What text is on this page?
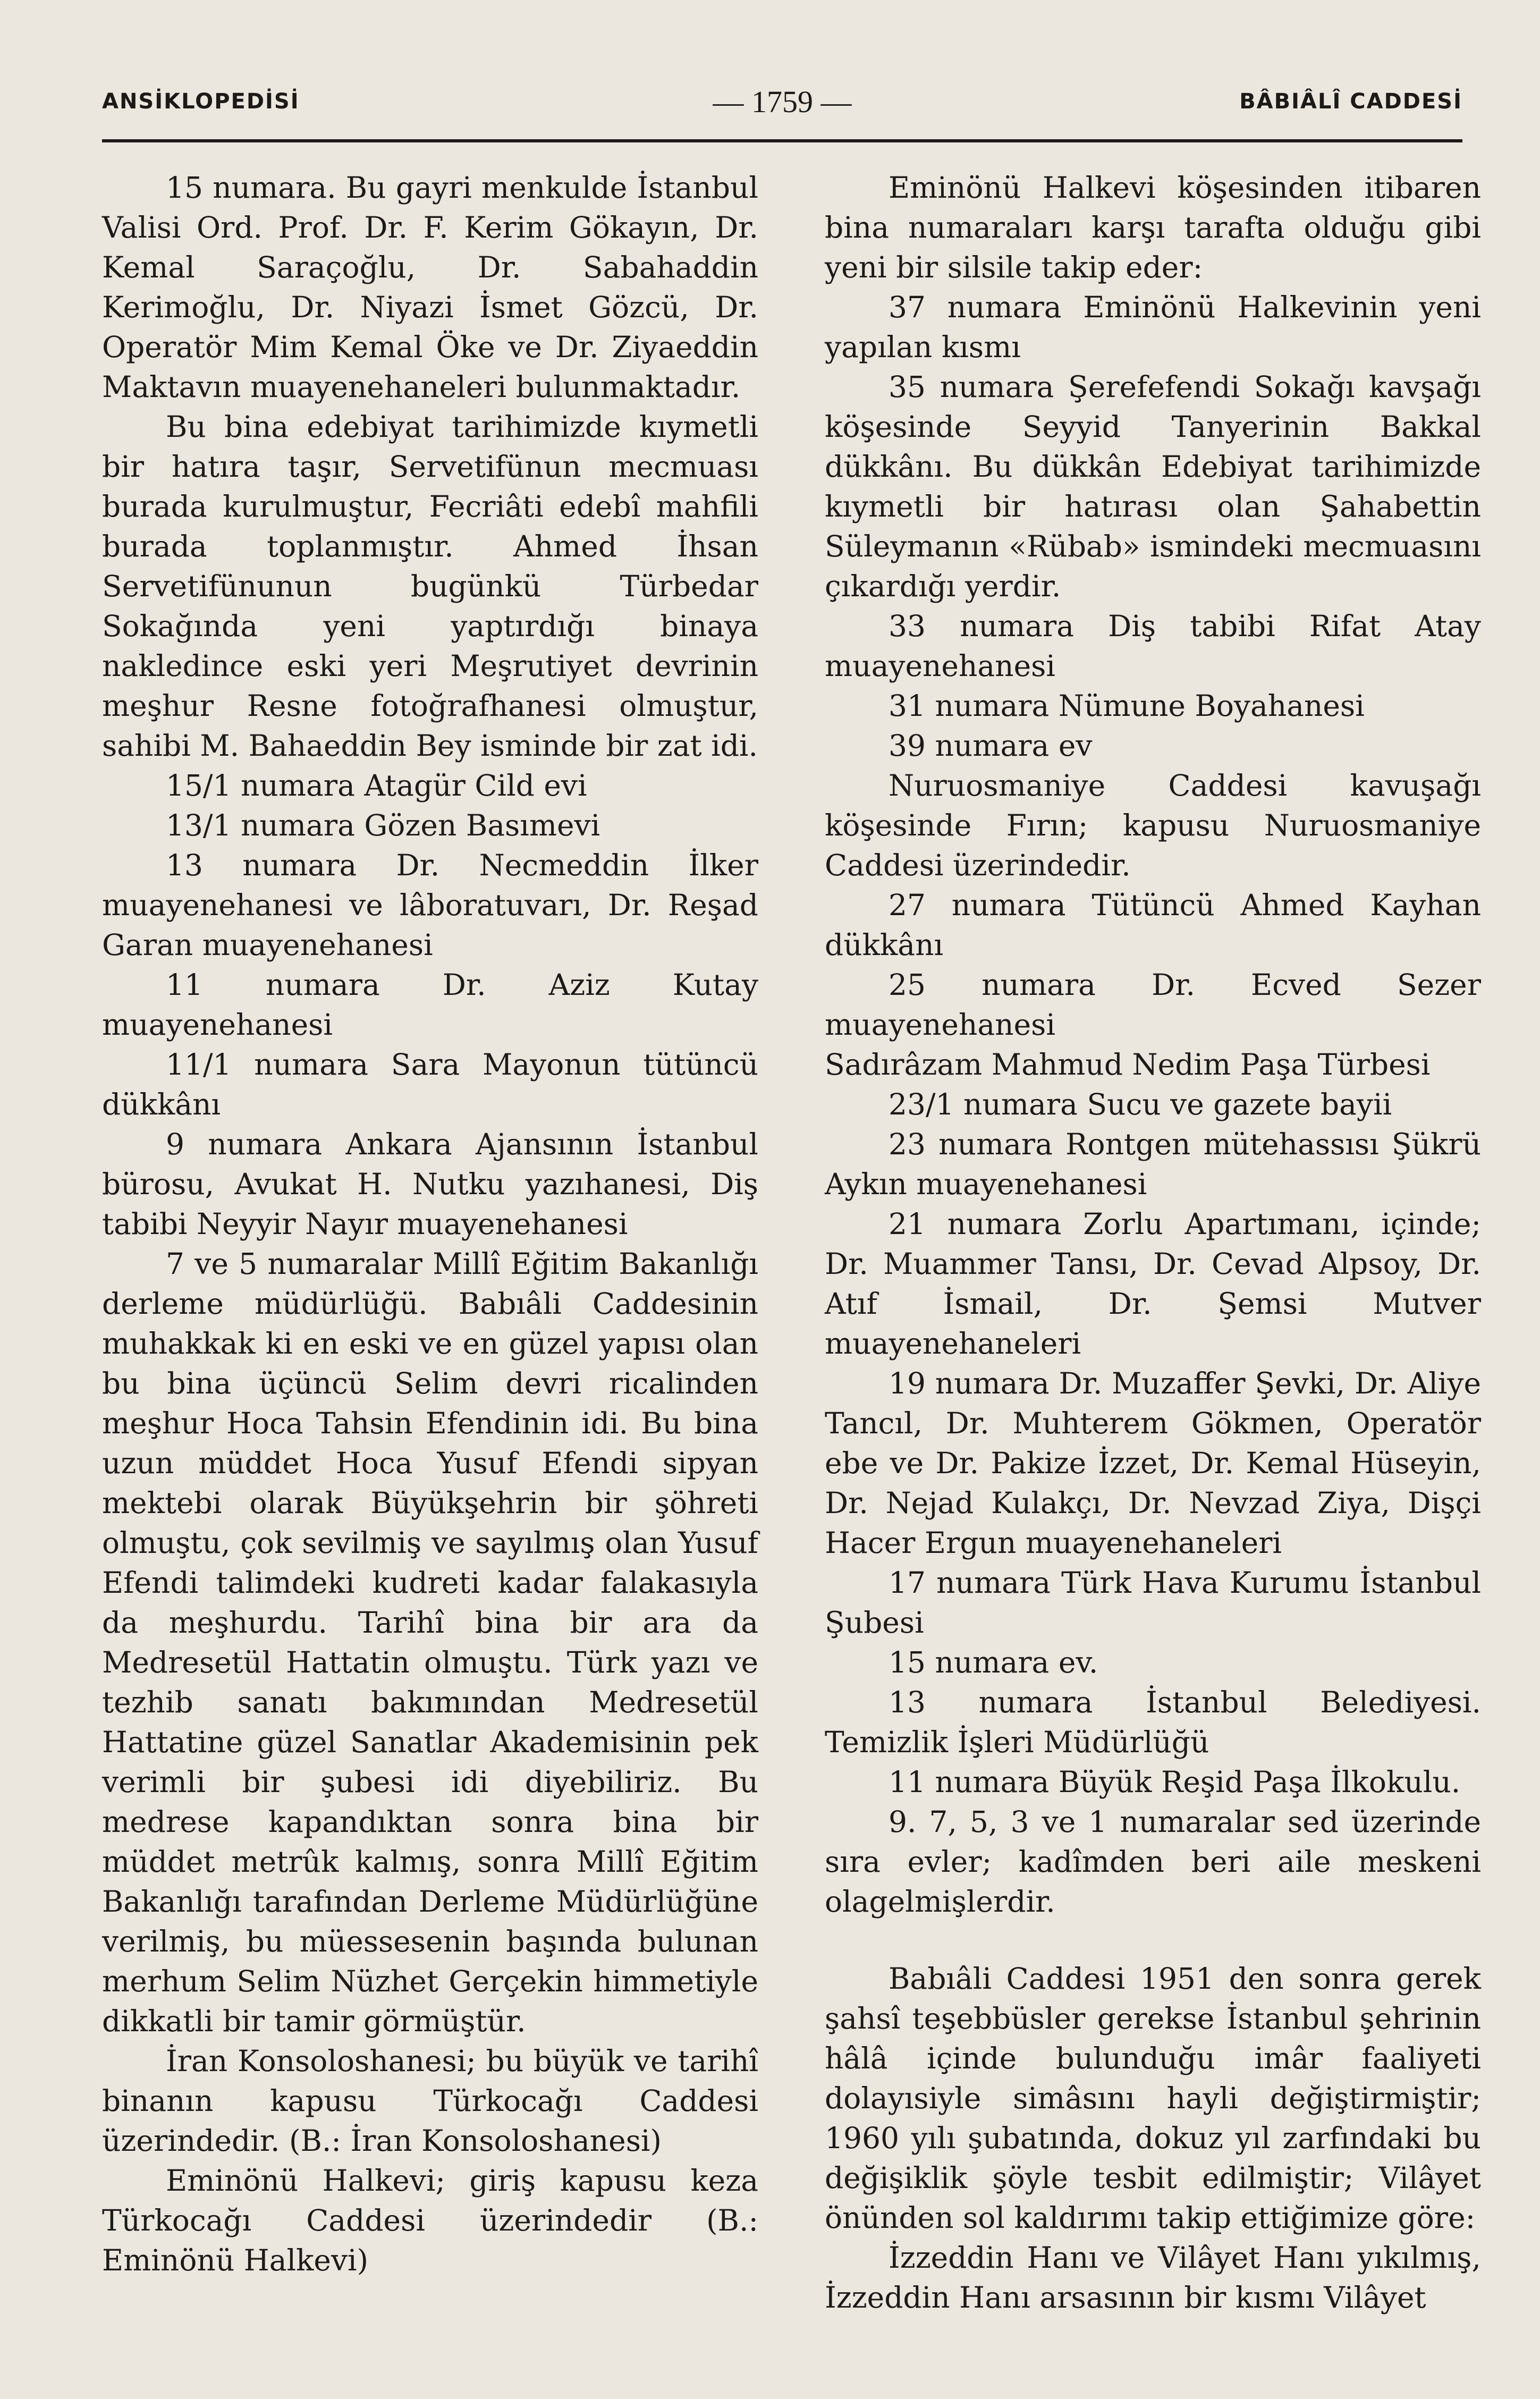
ANSİKLOPEDİSİ	— 1759 —	BÂBIÂLÎ CADDESİ

15 numara. Bu gayri menkulde İstanbul Valisi Ord. Prof. Dr. F. Kerim Gökayın, Dr. Kemal Saraçoğlu, Dr. Sabahaddin Kerimoğlu, Dr. Niyazi İsmet Gözcü, Dr. Operatör Mim Kemal Öke ve Dr. Ziyaeddin Maktavın muayenehaneleri bulunmaktadır.

Bu bina edebiyat tarihimizde kıymetli bir hatıra taşır, Servetifünun mecmuası burada kurulmuştur, Fecriâti edebî mahfili burada toplanmıştır. Ahmed İhsan Servetifünunun bugünkü Türbedar Sokağında yeni yaptırdığı binaya nakledince eski yeri Meşrutiyet devrinin meşhur Resne fotoğrafhanesi olmuştur, sahibi M. Bahaeddin Bey isminde bir zat idi.

15/1 numara Atagür Cild evi

13/1 numara Gözen Basımevi

13 numara Dr. Necmeddin İlker muayenehanesi ve lâboratuvarı, Dr. Reşad Garan muayenehanesi

11 numara Dr. Aziz Kutay muayenehanesi

11/1 numara Sara Mayonun tütüncü dükkânı

9 numara Ankara Ajansının İstanbul bürosu, Avukat H. Nutku yazıhanesi, Diş tabibi Neyyir Nayır muayenehanesi

7 ve 5 numaralar Millî Eğitim Bakanlığı derleme müdürlüğü. Babıâli Caddesinin muhakkak ki en eski ve en güzel yapısı olan bu bina üçüncü Selim devri ricalinden meşhur Hoca Tahsin Efendinin idi. Bu bina uzun müddet Hoca Yusuf Efendi sipyan mektebi olarak Büyükşehrin bir şöhreti olmuştu, çok sevilmiş ve sayılmış olan Yusuf Efendi talimdeki kudreti kadar falakasıyla da meşhurdu. Tarihî bina bir ara da Medresetül Hattatin olmuştu. Türk yazı ve tezhib sanatı bakımından Medresetül Hattatine güzel Sanatlar Akademisinin pek verimli bir şubesi idi diyebiliriz. Bu medrese kapandıktan sonra bina bir müddet metrûk kalmış, sonra Millî Eğitim Bakanlığı tarafından Derleme Müdürlüğüne verilmiş, bu müessesenin başında bulunan merhum Selim Nüzhet Gerçekin himmetiyle dikkatli bir tamir görmüştür.

İran Konsoloshanesi; bu büyük ve tarihî binanın kapusu Türkocağı Caddesi üzerindedir. (B.: İran Konsoloshanesi)

Eminönü Halkevi; giriş kapusu keza Türkocağı Caddesi üzerindedir (B.: Eminönü Halkevi)

Eminönü Halkevi köşesinden itibaren bina numaraları karşı tarafta olduğu gibi yeni bir silsile takip eder:

37 numara Eminönü Halkevinin yeni yapılan kısmı

35 numara Şerefefendi Sokağı kavşağı köşesinde Seyyid Tanyerinin Bakkal dükkânı. Bu dükkân Edebiyat tarihimizde kıymetli bir hatırası olan Şahabettin Süleymanın «Rübab» ismindeki mecmuasını çıkardığı yerdir.

33 numara Diş tabibi Rifat Atay muayenehanesi

31 numara Nümune Boyahanesi

39 numara ev

Nuruosmaniye Caddesi kavuşağı köşesinde Fırın; kapusu Nuruosmaniye Caddesi üzerindedir.

27 numara Tütüncü Ahmed Kayhan dükkânı

25 numara Dr. Ecved Sezer muayenehanesi

Sadırâzam Mahmud Nedim Paşa Türbesi

23/1 numara Sucu ve gazete bayii

23 numara Rontgen mütehassısı Şükrü Aykın muayenehanesi

21 numara Zorlu Apartımanı, içinde; Dr. Muammer Tansı, Dr. Cevad Alpsoy, Dr. Atıf İsmail, Dr. Şemsi Mutver muayenehaneleri

19 numara Dr. Muzaffer Şevki, Dr. Aliye Tancıl, Dr. Muhterem Gökmen, Operatör ebe ve Dr. Pakize İzzet, Dr. Kemal Hüseyin, Dr. Nejad Kulakçı, Dr. Nevzad Ziya, Dişçi Hacer Ergun muayenehaneleri

17 numara Türk Hava Kurumu İstanbul Şubesi

15 numara ev.

13 numara İstanbul Belediyesi. Temizlik İşleri Müdürlüğü

11 numara Büyük Reşid Paşa İlkokulu.

9. 7, 5, 3 ve 1 numaralar sed üzerinde sıra evler; kadîmden beri aile meskeni olagelmişlerdir.

Babıâli Caddesi 1951 den sonra gerek şahsî teşebbüsler gerekse İstanbul şehrinin hâlâ içinde bulunduğu imâr faaliyeti dolayısiyle simâsını hayli değiştirmiştir; 1960 yılı şubatında, dokuz yıl zarfındaki bu değişiklik şöyle tesbit edilmiştir; Vilâyet önünden sol kaldırımı takip ettiğimize göre:

İzzeddin Hanı ve Vilâyet Hanı yıkılmış, İzzeddin Hanı arsasının bir kısmı Vilâyet
